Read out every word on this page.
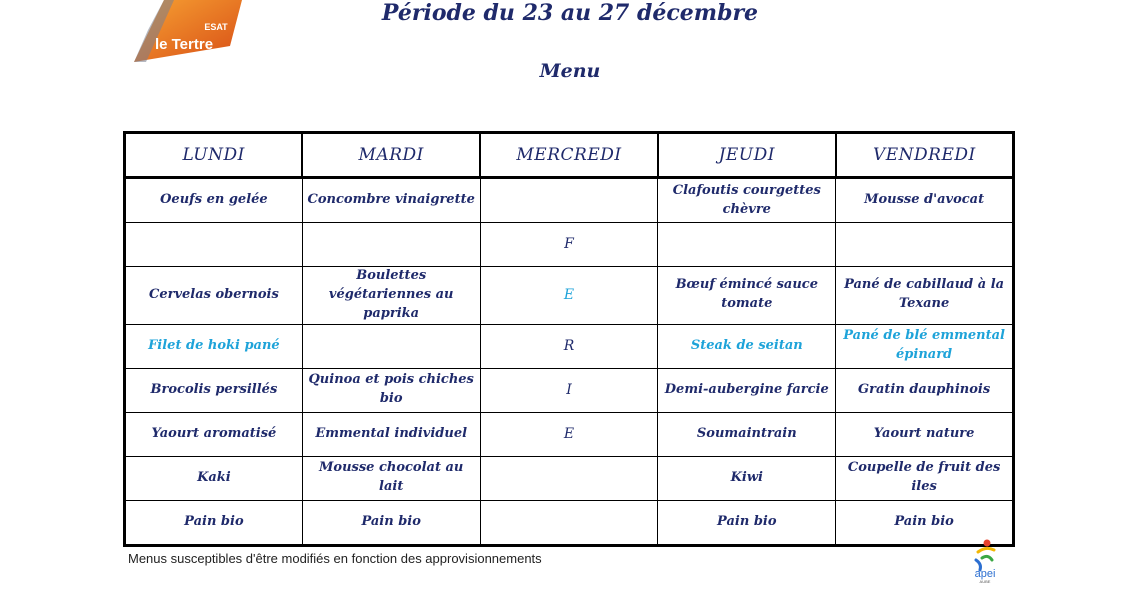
ESAT
le Tertre
Période du 23 au 27 décembre
Menu
LUNDI	MARDI	MERCREDI	JEUDI	VENDREDI
Oeufs en gelée	Concombre vinaigrette		Clafoutis courgettes chèvre	Mousse d'avocat
		F		
Cervelas obernois	Boulettes végétariennes au paprika	E	Bœuf émincé sauce tomate	Pané de cabillaud à la Texane
Filet de hoki pané		R	Steak de seitan	Pané de blé emmental épinard
Brocolis persillés	Quinoa et pois chiches bio	I	Demi-aubergine farcie	Gratin dauphinois
Yaourt aromatisé	Emmental individuel	E	Soumaintrain	Yaourt nature
Kaki	Mousse chocolat au lait		Kiwi	Coupelle de fruit des iles
Pain bio	Pain bio		Pain bio	Pain bio
Menus susceptibles d'être modifiés en fonction des approvisionnements
apei
AUBE
